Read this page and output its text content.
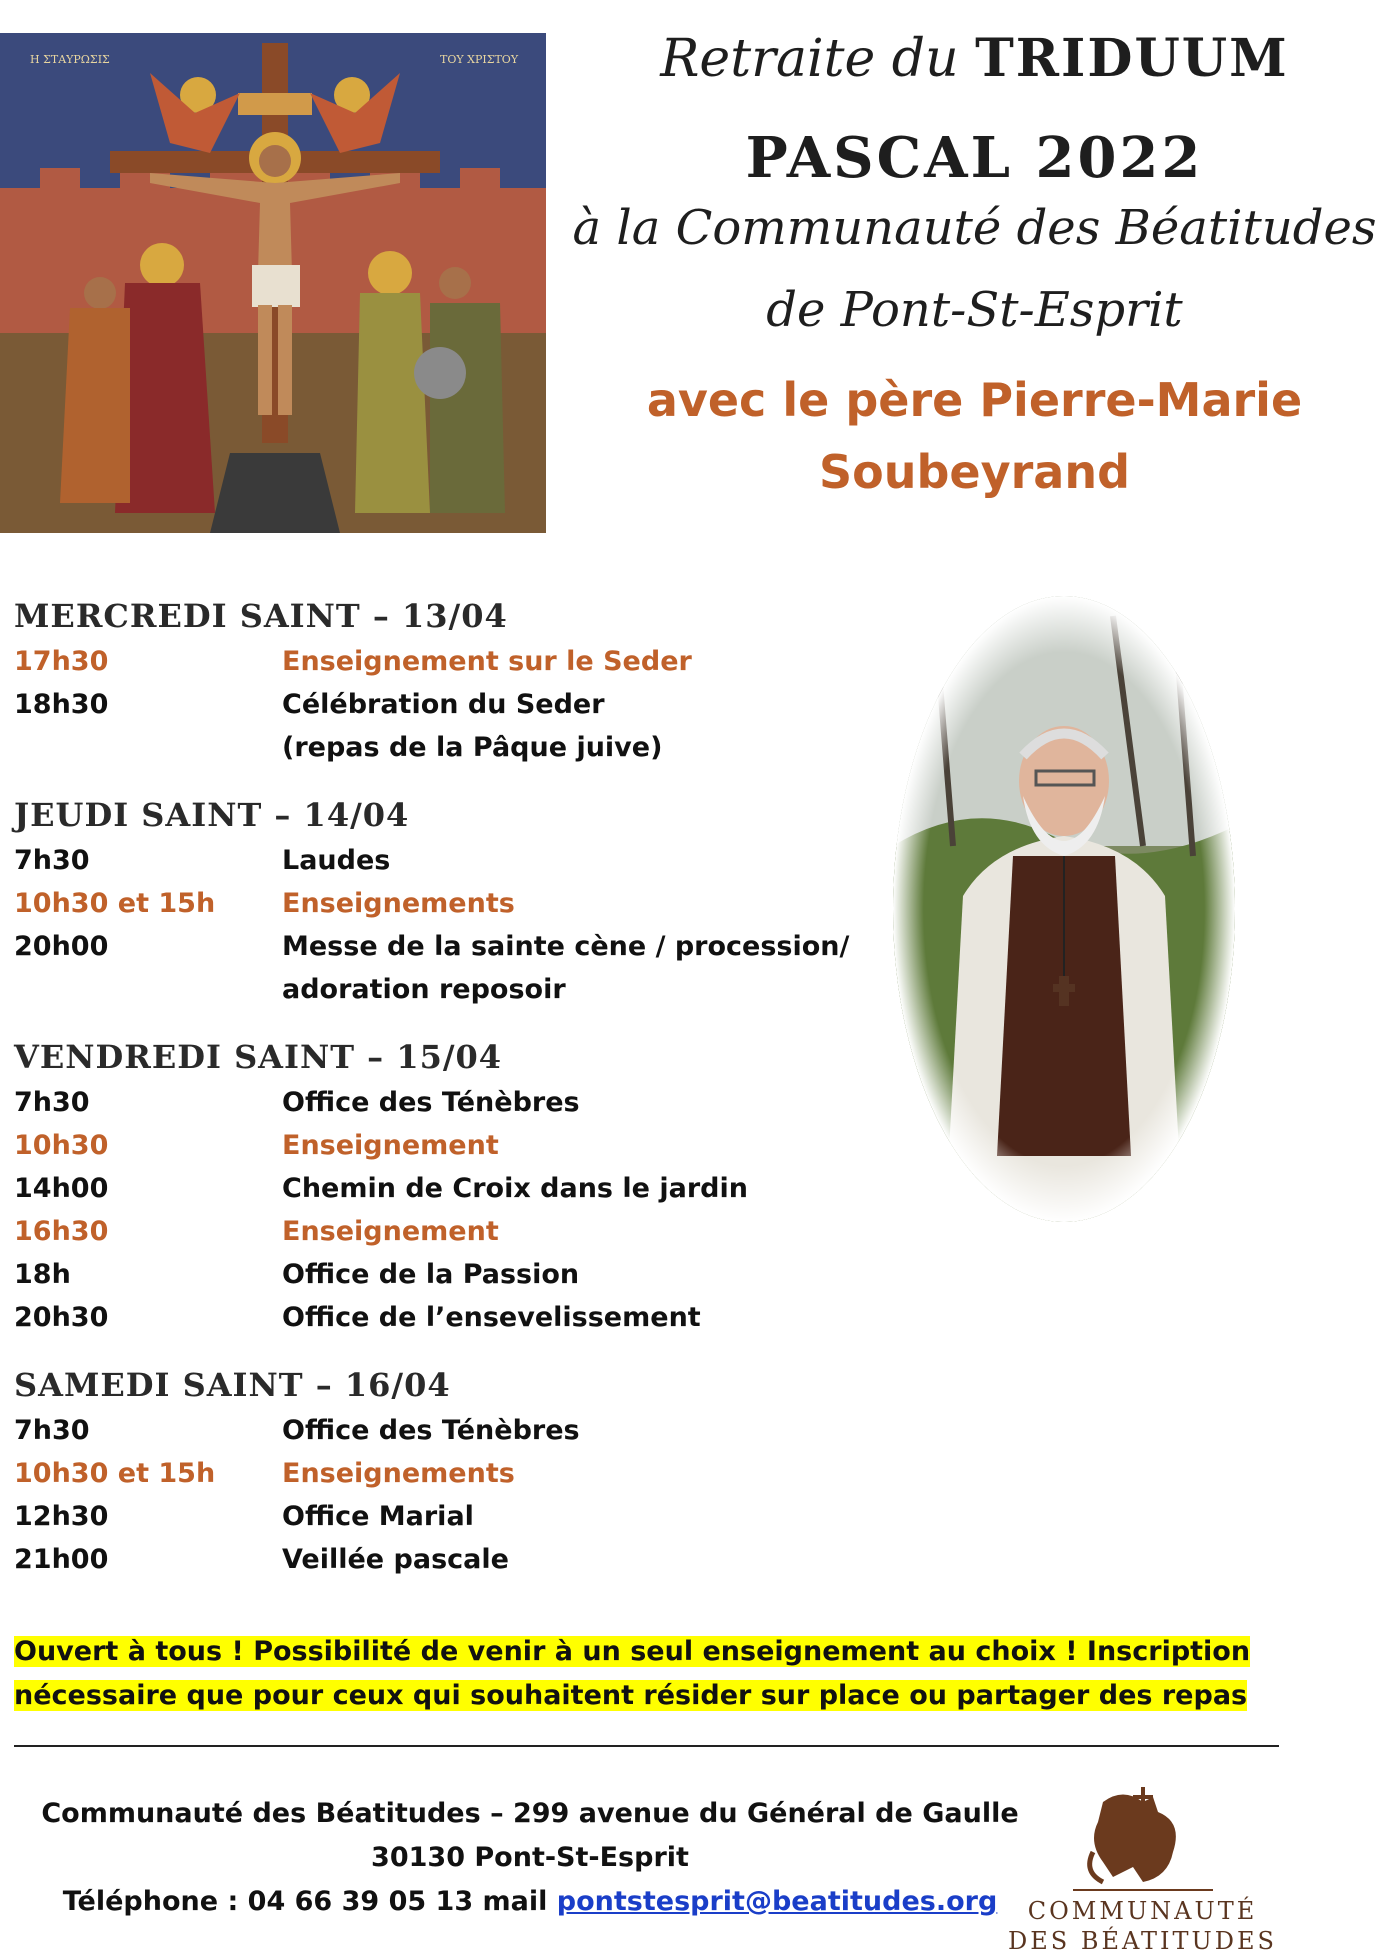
Η ΣΤΑΥΡΩΣΙΣ	ΤΟΥ ΧΡΙΣΤΟΥ	Retraite du TRIDUUM
PASCAL 2022
à la Communauté des Béatitudes
de Pont-St-Esprit
avec le père Pierre-Marie
Soubeyrand
MERCREDI SAINT – 13/04
17h30	Enseignement sur le Seder
18h30	Célébration du Seder
(repas de la Pâque juive)
JEUDI SAINT – 14/04
7h30	Laudes
10h30 et 15h	Enseignements
20h00	Messe de la sainte cène / procession/
adoration reposoir
VENDREDI SAINT – 15/04
7h30	Office des Ténèbres
10h30	Enseignement
14h00	Chemin de Croix dans le jardin
16h30	Enseignement
18h	Office de la Passion
20h30	Office de l’ensevelissement
SAMEDI SAINT – 16/04
7h30	Office des Ténèbres
10h30 et 15h	Enseignements
12h30	Office Marial
21h00	Veillée pascale
Ouvert à tous ! Possibilité de venir à un seul enseignement au choix ! Inscription
nécessaire que pour ceux qui souhaitent résider sur place ou partager des repas
Communauté des Béatitudes – 299 avenue du Général de Gaulle
30130 Pont-St-Esprit
Téléphone : 04 66 39 05 13 mail pontstesprit@beatitudes.org	COMMUNAUTÉ
DES BÉATITUDES
